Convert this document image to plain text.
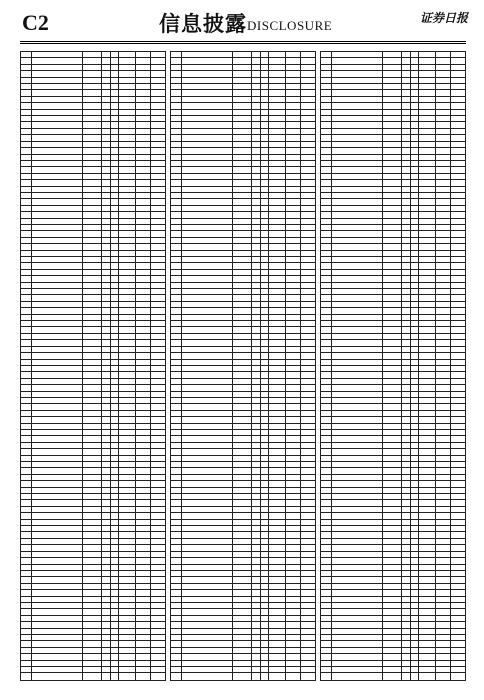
C2	信息披露 DISCLOSURE	证券日报
